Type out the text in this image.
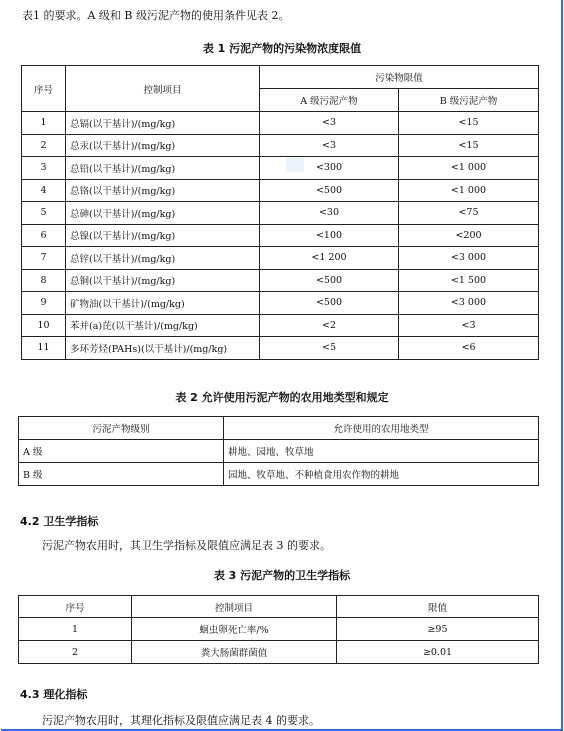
表1 的要求。A 级和 B 级污泥产物的使用条件见表 2。
表 1 污泥产物的污染物浓度限值
序号	控制项目	污染物限值	
		A 级污泥产物	B 级污泥产物
1	总镉(以干基计)/(mg/kg)	<3	<15
2	总汞(以干基计)/(mg/kg)	<3	<15
3	总铅(以干基计)/(mg/kg)	<300	<1 000
4	总铬(以干基计)/(mg/kg)	<500	<1 000
5	总砷(以干基计)/(mg/kg)	<30	<75
6	总镍(以干基计)/(mg/kg)	<100	<200
7	总锌(以干基计)/(mg/kg)	<1 200	<3 000
8	总铜(以干基计)/(mg/kg)	<500	<1 500
9	矿物油(以干基计)/(mg/kg)	<500	<3 000
10	苯并(a)芘(以干基计)/(mg/kg)	<2	<3
11	多环芳烃(PAHs)(以干基计)/(mg/kg)	<5	<6
表 2 允许使用污泥产物的农用地类型和规定
污泥产物级别	允许使用的农用地类型
A 级	耕地、园地、牧草地
B 级	园地、牧草地、不种植食用农作物的耕地
4.2 卫生学指标
污泥产物农用时，其卫生学指标及限值应满足表 3 的要求。
表 3 污泥产物的卫生学指标
序号	控制项目	限值
1	蛔虫卵死亡率/%	≥95
2	粪大肠菌群菌值	≥0.01
4.3 理化指标
污泥产物农用时，其理化指标及限值应满足表 4 的要求。
